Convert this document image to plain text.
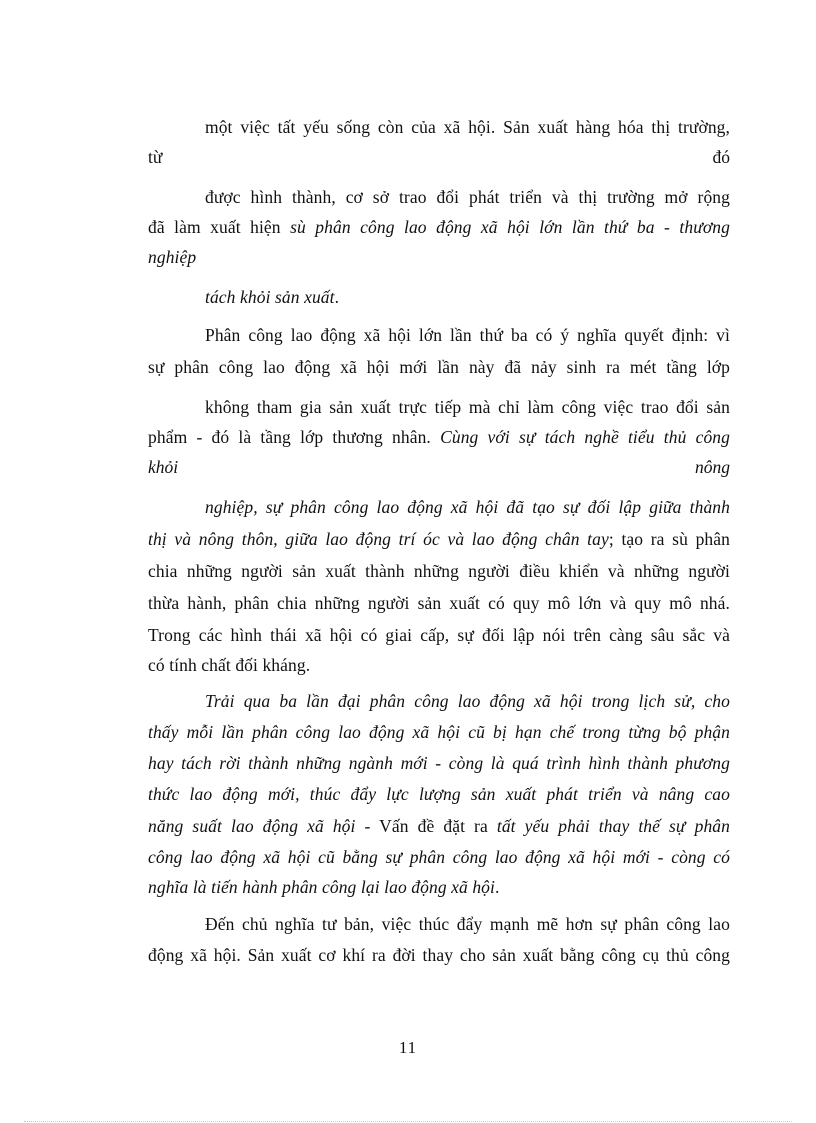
một việc tất yếu sống còn của xã hội. Sản xuất hàng hóa thị trường,
từ	đó
được hình thành, cơ sở trao đổi phát triển và thị trường mở rộng
đã làm xuất hiện sù phân công lao động xã hội lớn lần thứ ba - thương
nghiệp
tách khỏi sản xuất.
Phân công lao động xã hội lớn lần thứ ba có ý nghĩa quyết định: vì
sự phân công lao động xã hội mới lần này đã nảy sinh ra mét tầng lớp
không tham gia sản xuất trực tiếp mà chỉ làm công việc trao đổi sản
phẩm - đó là tầng lớp thương nhân. Cùng với sự tách nghề tiểu thủ công
khỏi	nông
nghiệp, sự phân công lao động xã hội đã tạo sự đối lập giữa thành
thị và nông thôn, giữa lao động trí óc và lao động chân tay; tạo ra sù phân
chia những người sản xuất thành những người điều khiển và những người
thừa hành, phân chia những người sản xuất có quy mô lớn và quy mô nhá.
Trong các hình thái xã hội có giai cấp, sự đối lập nói trên càng sâu sắc và
có tính chất đối kháng.
Trải qua ba lần đại phân công lao động xã hội trong lịch sử, cho
thấy mỗi lần phân công lao động xã hội cũ bị hạn chế trong từng bộ phận
hay tách rời thành những ngành mới - còng là quá trình hình thành phương
thức lao động mới, thúc đẩy lực lượng sản xuất phát triển và nâng cao
năng suất lao động xã hội - Vấn đề đặt ra tất yếu phải thay thế sự phân
công lao động xã hội cũ bằng sự phân công lao động xã hội mới - còng có
nghĩa là tiến hành phân công lại lao động xã hội.
Đến chủ nghĩa tư bản, việc thúc đẩy mạnh mẽ hơn sự phân công lao
động xã hội. Sản xuất cơ khí ra đời thay cho sản xuất bằng công cụ thủ công
11
